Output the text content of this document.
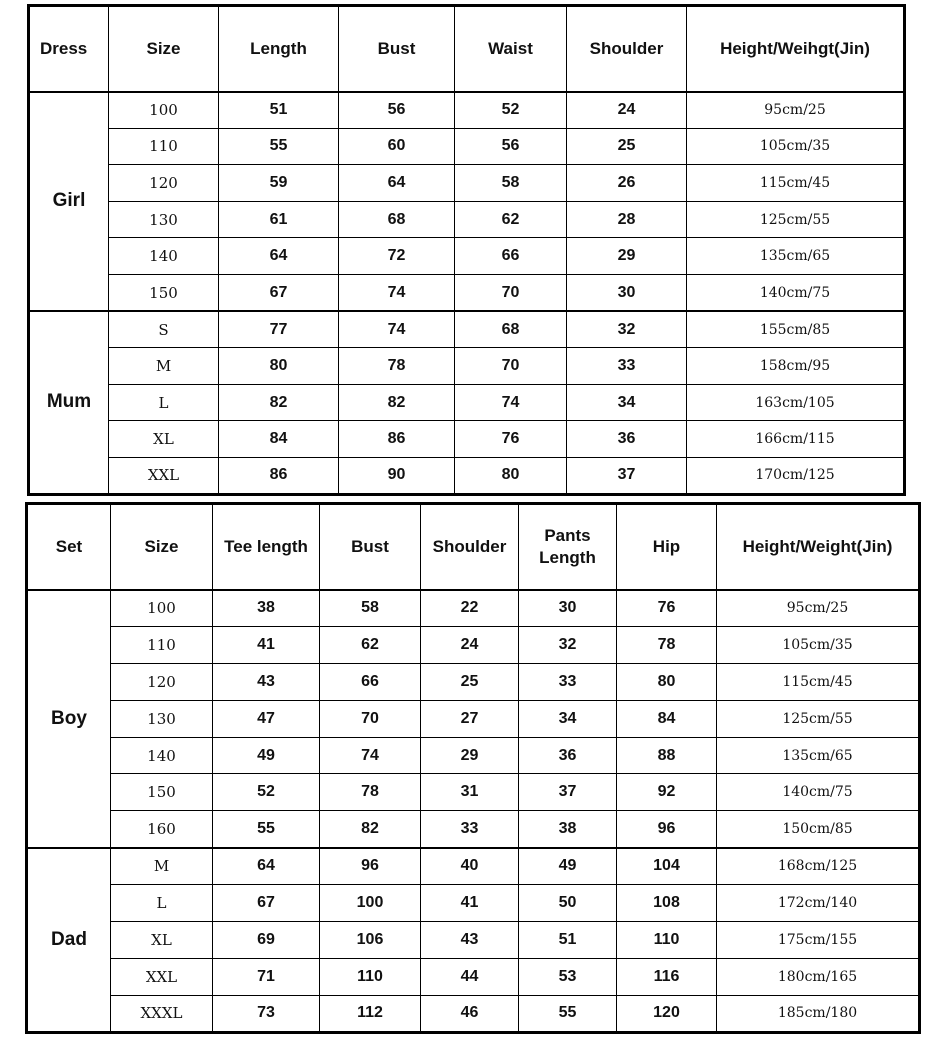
Dress	Size	Length	Bust	Waist	Shoulder	Height/Weihgt(Jin)
Girl	100	51	56	52	24	95cm/25
	110	55	60	56	25	105cm/35
	120	59	64	58	26	115cm/45
	130	61	68	62	28	125cm/55
	140	64	72	66	29	135cm/65
	150	67	74	70	30	140cm/75
Mum	S	77	74	68	32	155cm/85
	M	80	78	70	33	158cm/95
	L	82	82	74	34	163cm/105
	XL	84	86	76	36	166cm/115
	XXL	86	90	80	37	170cm/125
Set	Size	Tee length	Bust	Shoulder	Pants Length	Hip	Height/Weight(Jin)
Boy	100	38	58	22	30	76	95cm/25
	110	41	62	24	32	78	105cm/35
	120	43	66	25	33	80	115cm/45
	130	47	70	27	34	84	125cm/55
	140	49	74	29	36	88	135cm/65
	150	52	78	31	37	92	140cm/75
	160	55	82	33	38	96	150cm/85
Dad	M	64	96	40	49	104	168cm/125
	L	67	100	41	50	108	172cm/140
	XL	69	106	43	51	110	175cm/155
	XXL	71	110	44	53	116	180cm/165
	XXXL	73	112	46	55	120	185cm/180
